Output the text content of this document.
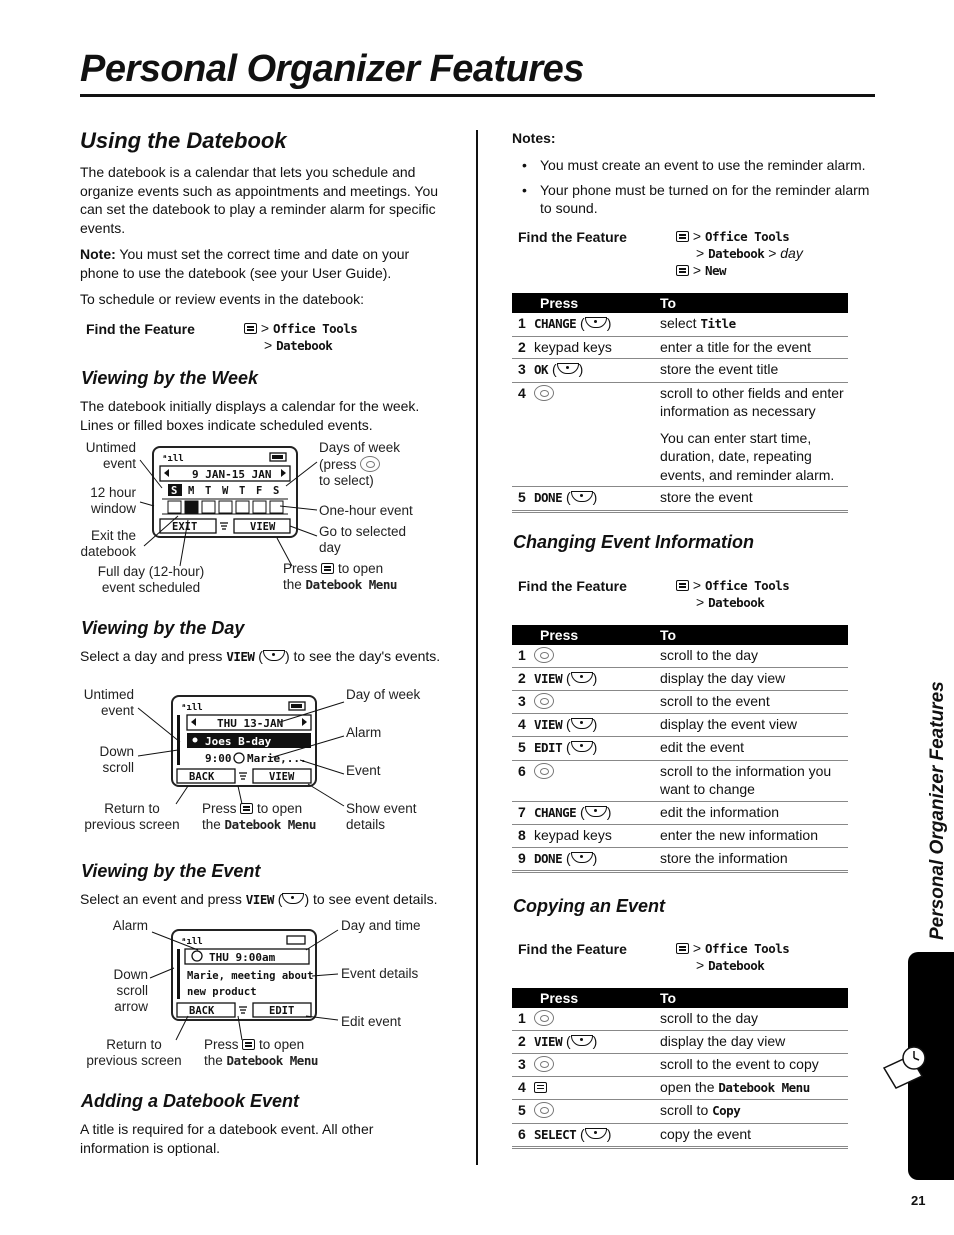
Personal Organizer Features
Using the Datebook

The datebook is a calendar that lets you schedule and organize events such as appointments and meetings. You can set the datebook to play a reminder alarm for specific events.

Note: You must set the correct time and date on your phone to use the datebook (see your User Guide).

To schedule or review events in the datebook:

Find the Feature	> Office Tools
> Datebook
Viewing by the Week

The datebook initially displays a calendar for the week. Lines or filled boxes indicate scheduled events.

ᵃıll
9 JAN-15 JAN
S M T W T F S
EXIT	VIEW
Untimed event
12 hour window
Exit the datebook
Full day (12-hour) event scheduled
Days of week (press
to select)
One-hour event
Go to selected day
Press to open
the Datebook Menu
Viewing by the Day

Select a day and press VIEW ( ) to see the day's events.

ᵃıll
THU 13-JAN
Joes B-day
9:00 Marie,...
BACK	VIEW
Untimed event
Down scroll
Return to previous screen
Press to open
the Datebook Menu
Day of week
Alarm
Event
Show event details
Viewing by the Event

Select an event and press VIEW ( ) to see event details.

ᵃıll
THU 9:00am
Marie, meeting about
new product
BACK	EDIT
Alarm
Down scroll arrow
Return to previous screen
Press to open
the Datebook Menu
Day and time
Event details
Edit event
Adding a Datebook Event

A title is required for a datebook event. All other information is optional.

Notes:
• You must create an event to use the reminder alarm.
• Your phone must be turned on for the reminder alarm to sound.
Find the Feature	> Office Tools
> Datebook > day
> New
Press		To
1	CHANGE ( )	select Title
2	keypad keys	enter a title for the event
3	OK ( )	store the event title
4		scroll to other fields and enter information as necessary
You can enter start time, duration, date, repeating events, and reminder alarm.

5	DONE ( )	store the event
Changing Event Information
Find the Feature	> Office Tools
> Datebook
Press		To
1		scroll to the day
2	VIEW ( )	display the day view
3		scroll to the event
4	VIEW ( )	display the event view
5	EDIT ( )	edit the event
6		scroll to the information you want to change
7	CHANGE ( )	edit the information
8	keypad keys	enter the new information
9	DONE ( )	store the information
Copying an Event
Find the Feature	> Office Tools
> Datebook
Press		To
1		scroll to the day
2	VIEW ( )	display the day view
3		scroll to the event to copy
4		open the Datebook Menu
5		scroll to Copy
6	SELECT ( )	copy the event
Personal Organizer Features
21
